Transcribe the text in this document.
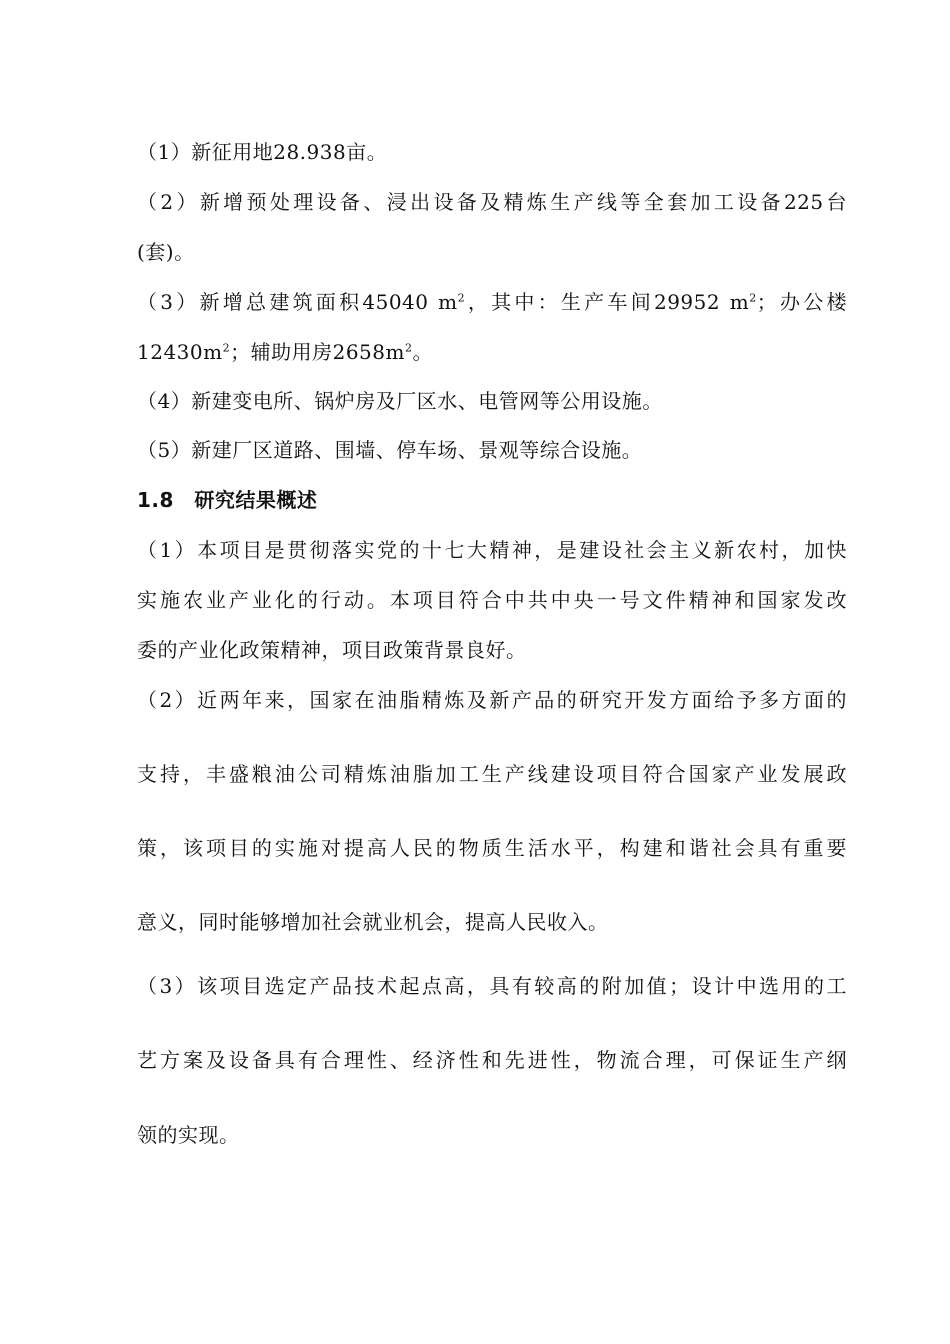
（1）新征用地28.938亩。
（2）新增预处理设备、浸出设备及精炼生产线等全套加工设备225台
(套)。
（3）新增总建筑面积45040 $m^2$，其中：生产车间29952 $m^2$；办公楼
$12430m^2$；辅助用房$2658m^2$。
（4）新建变电所、锅炉房及厂区水、电管网等公用设施。
（5）新建厂区道路、围墙、停车场、景观等综合设施。
1.8　研究结果概述
（1）本项目是贯彻落实党的十七大精神，是建设社会主义新农村，加快
实施农业产业化的行动。本项目符合中共中央一号文件精神和国家发改
委的产业化政策精神，项目政策背景良好。
（2）近两年来，国家在油脂精炼及新产品的研究开发方面给予多方面的
支持，丰盛粮油公司精炼油脂加工生产线建设项目符合国家产业发展政
策，该项目的实施对提高人民的物质生活水平，构建和谐社会具有重要
意义，同时能够增加社会就业机会，提高人民收入。
（3）该项目选定产品技术起点高，具有较高的附加值；设计中选用的工
艺方案及设备具有合理性、经济性和先进性，物流合理，可保证生产纲
领的实现。
